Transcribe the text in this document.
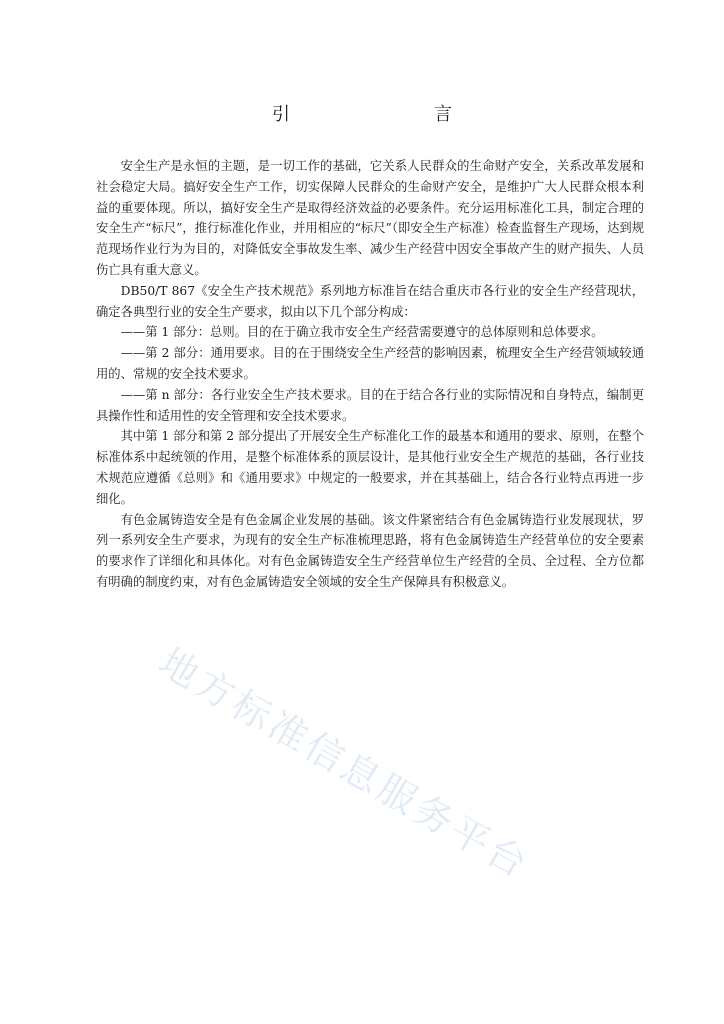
引　　言

安全生产是永恒的主题，是一切工作的基础，它关系人民群众的生命财产安全，关系改革发展和社会稳定大局。搞好安全生产工作，切实保障人民群众的生命财产安全，是维护广大人民群众根本利益的重要体现。所以，搞好安全生产是取得经济效益的必要条件。充分运用标准化工具，制定合理的安全生产“标尺”，推行标准化作业，并用相应的“标尺”（即安全生产标准）检查监督生产现场，达到规范现场作业行为为目的，对降低安全事故发生率、减少生产经营中因安全事故产生的财产损失、人员伤亡具有重大意义。

DB50/T 867《安全生产技术规范》系列地方标准旨在结合重庆市各行业的安全生产经营现状，确定各典型行业的安全生产要求，拟由以下几个部分构成：

——第 1 部分：总则。目的在于确立我市安全生产经营需要遵守的总体原则和总体要求。

——第 2 部分：通用要求。目的在于围绕安全生产经营的影响因素，梳理安全生产经营领域较通用的、常规的安全技术要求。

——第 n 部分：各行业安全生产技术要求。目的在于结合各行业的实际情况和自身特点，编制更具操作性和适用性的安全管理和安全技术要求。

其中第 1 部分和第 2 部分提出了开展安全生产标准化工作的最基本和通用的要求、原则，在整个标准体系中起统领的作用，是整个标准体系的顶层设计，是其他行业安全生产规范的基础，各行业技术规范应遵循《总则》和《通用要求》中规定的一般要求，并在其基础上，结合各行业特点再进一步细化。

有色金属铸造安全是有色金属企业发展的基础。该文件紧密结合有色金属铸造行业发展现状，罗列一系列安全生产要求，为现有的安全生产标准梳理思路，将有色金属铸造生产经营单位的安全要素的要求作了详细化和具体化。对有色金属铸造安全生产经营单位生产经营的全员、全过程、全方位都有明确的制度约束，对有色金属铸造安全领域的安全生产保障具有积极意义。

地方标准信息服务平台
